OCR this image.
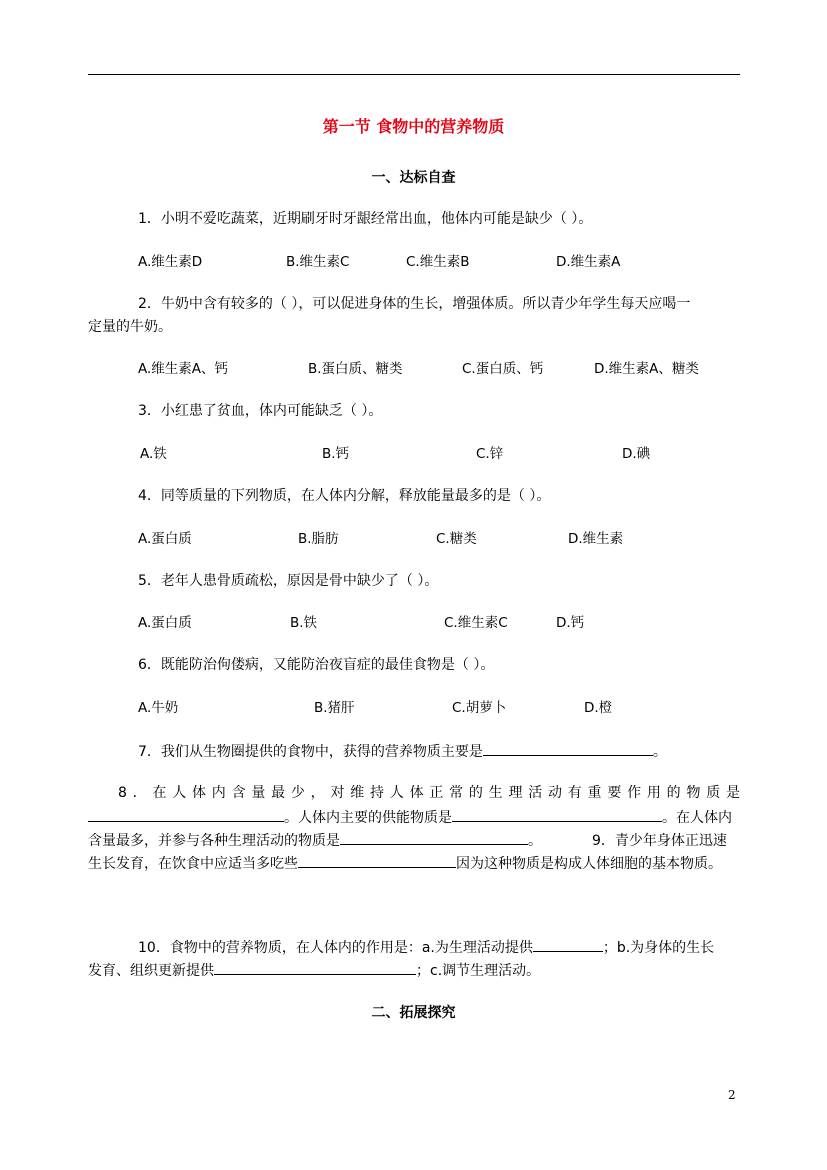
第一节 食物中的营养物质
一、达标自查
1．小明不爱吃蔬菜，近期刷牙时牙龈经常出血，他体内可能是缺少（ ）。
A.维生素D	B.维生素C	C.维生素B	D.维生素A
2．牛奶中含有较多的（ ），可以促进身体的生长，增强体质。所以青少年学生每天应喝一
定量的牛奶。
A.维生素A、钙	B.蛋白质、糖类	C.蛋白质、钙	D.维生素A、糖类
3．小红患了贫血，体内可能缺乏（ ）。
A.铁	B.钙	C.锌	D.碘
4．同等质量的下列物质，在人体内分解，释放能量最多的是（ ）。
A.蛋白质	B.脂肪	C.糖类	D.维生素
5．老年人患骨质疏松，原因是骨中缺少了（ ）。
A.蛋白质	B.铁	C.维生素C	D.钙
6．既能防治佝偻病，又能防治夜盲症的最佳食物是（ ）。
A.牛奶	B.猪肝	C.胡萝卜	D.橙
7．我们从生物圈提供的食物中，获得的营养物质主要是	。
8．在人体内含量最少，对维持人体正常的生理活动有重要作用的物质是
。人体内主要的供能物质是	。在人体内
含量最多，并参与各种生理活动的物质是	。	9．青少年身体正迅速
生长发育，在饮食中应适当多吃些	因为这种物质是构成人体细胞的基本物质。
10．食物中的营养物质，在人体内的作用是：a.为生理活动提供	；b.为身体的生长
发育、组织更新提供	；c.调节生理活动。
二、拓展探究
2
